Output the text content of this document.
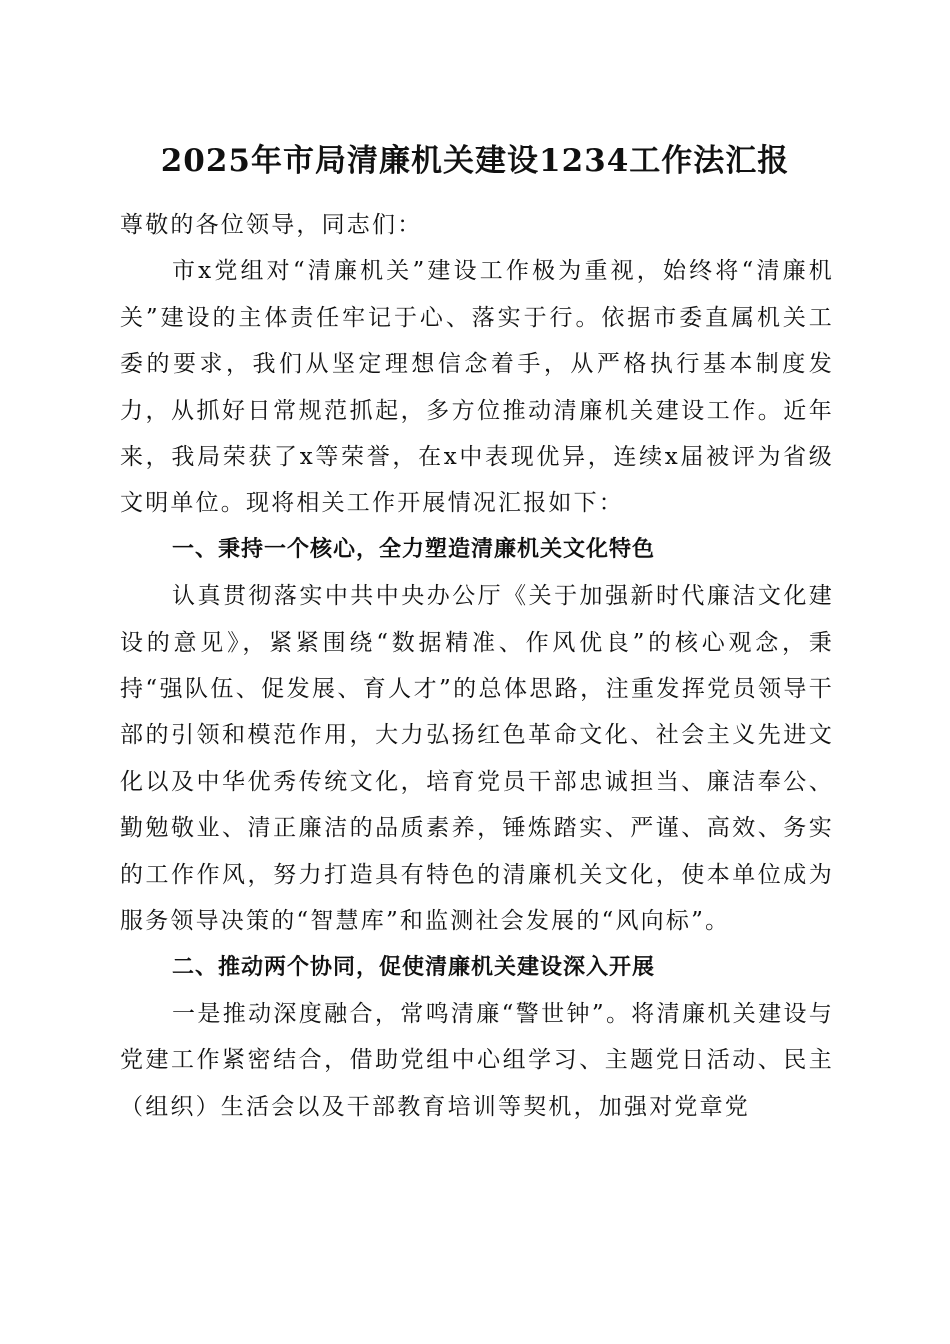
2025年市局清廉机关建设1234工作法汇报

尊敬的各位领导，同志们：

市x党组对“清廉机关”建设工作极为重视，始终将“清廉机关”建设的主体责任牢记于心、落实于行。依据市委直属机关工委的要求，我们从坚定理想信念着手，从严格执行基本制度发力，从抓好日常规范抓起，多方位推动清廉机关建设工作。近年来，我局荣获了x等荣誉，在x中表现优异，连续x届被评为省级文明单位。现将相关工作开展情况汇报如下：

一、秉持一个核心，全力塑造清廉机关文化特色

认真贯彻落实中共中央办公厅《关于加强新时代廉洁文化建设的意见》，紧紧围绕“数据精准、作风优良”的核心观念，秉持“强队伍、促发展、育人才”的总体思路，注重发挥党员领导干部的引领和模范作用，大力弘扬红色革命文化、社会主义先进文化以及中华优秀传统文化，培育党员干部忠诚担当、廉洁奉公、勤勉敬业、清正廉洁的品质素养，锤炼踏实、严谨、高效、务实的工作作风，努力打造具有特色的清廉机关文化，使本单位成为服务领导决策的“智慧库”和监测社会发展的“风向标”。

二、推动两个协同，促使清廉机关建设深入开展

一是推动深度融合，常鸣清廉“警世钟”。将清廉机关建设与党建工作紧密结合，借助党组中心组学习、主题党日活动、民主（组织）生活会以及干部教育培训等契机，加强对党章党
